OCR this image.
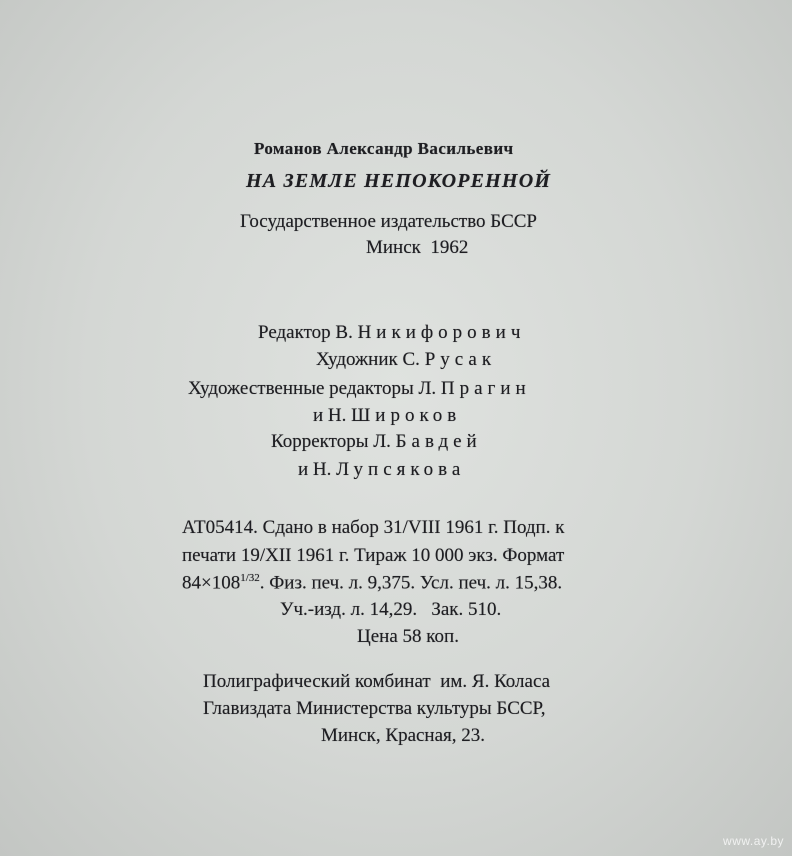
Романов Александр Васильевич
НА ЗЕМЛЕ НЕПОКОРЕННОЙ
Государственное издательство БССР
Минск  1962
Редактор В. Никифорович
Художник С. Русак
Художественные редакторы Л. Прагин
и Н. Широков
Корректоры Л. Бавдей
и Н. Лупсякова
АТ05414. Сдано в набор 31/VIII 1961 г. Подп. к
печати 19/XII 1961 г. Тираж 10 000 экз. Формат
$84\times 108^{1/32}$. Физ. печ. л. 9,375. Усл. печ. л. 15,38.
Уч.-изд. л. 14,29.   Зак. 510.
Цена 58 коп.
Полиграфический комбинат  им. Я. Коласа
Главиздата Министерства культуры БССР,
Минск, Красная, 23.
www.ay.by
